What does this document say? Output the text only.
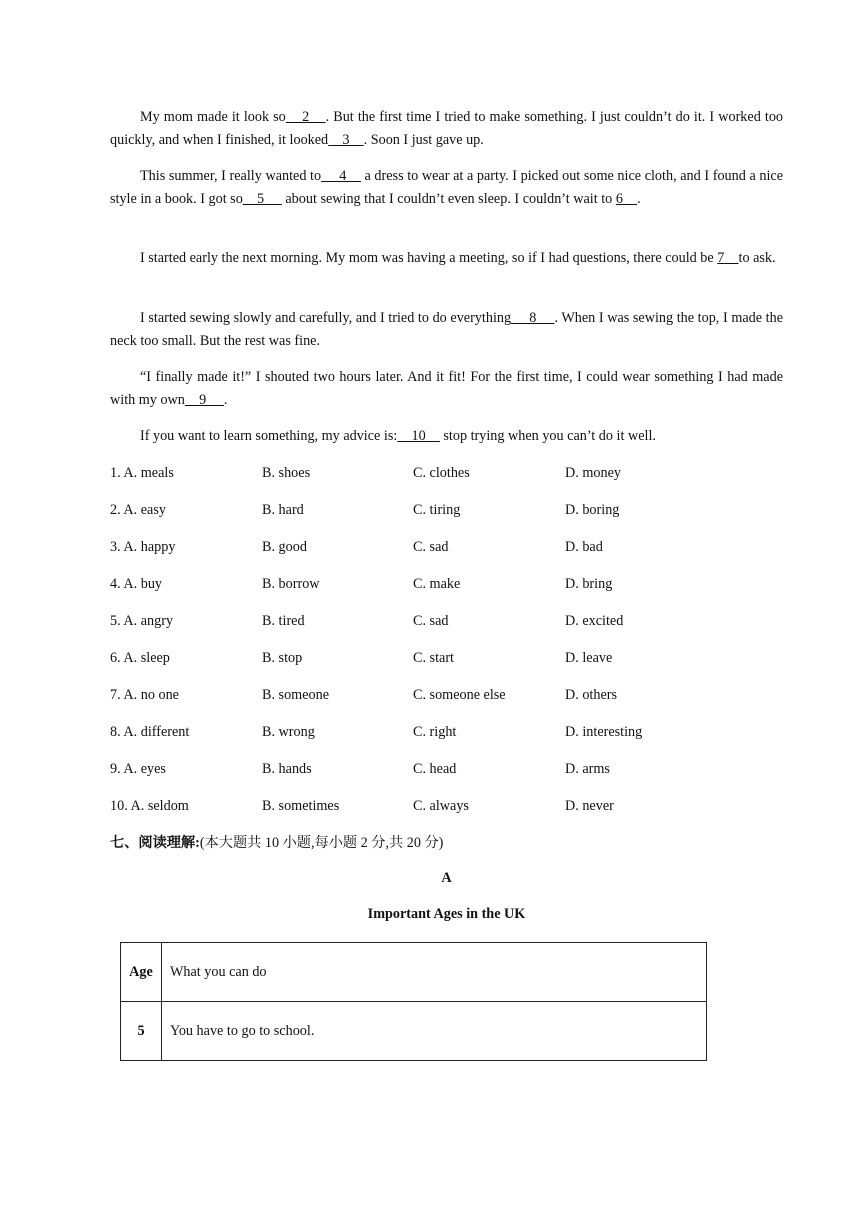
My mom made it look so    2    . But the first time I tried to make something. I just couldn’t do it. I worked too quickly, and when I finished, it looked    3    . Soon I just gave up.
This summer, I really wanted to     4     a dress to wear at a party. I picked out some nice cloth, and I found a nice style in a book. I got so    5      about sewing that I couldn’t even sleep. I couldn’t wait to 6    .
I started early the next morning. My mom was having a meeting, so if I had questions, there could be 7    to ask.
I started sewing slowly and carefully, and I tried to do everything     8     . When I was sewing the top, I made the neck too small. But the rest was fine.
“I finally made it!” I shouted two hours later. And it fit! For the first time, I could wear something I had made with my own    9     .
If you want to learn something, my advice is:    10     stop trying when you can’t do it well.
1. A. meals	B. shoes	C. clothes	D. money
2. A. easy	B. hard	C. tiring	D. boring
3. A. happy	B. good	C. sad	D. bad
4. A. buy	B. borrow	C. make	D. bring
5. A. angry	B. tired	C. sad	D. excited
6. A. sleep	B. stop	C. start	D. leave
7. A. no one	B. someone	C. someone else	D. others
8. A. different	B. wrong	C. right	D. interesting
9. A. eyes	B. hands	C. head	D. arms
10. A. seldom	B. sometimes	C. always	D. never
七、阅读理解:(本大题共 10 小题,每小题 2 分,共 20 分)
A
Important Ages in the UK
Age	What you can do
5	You have to go to school.
